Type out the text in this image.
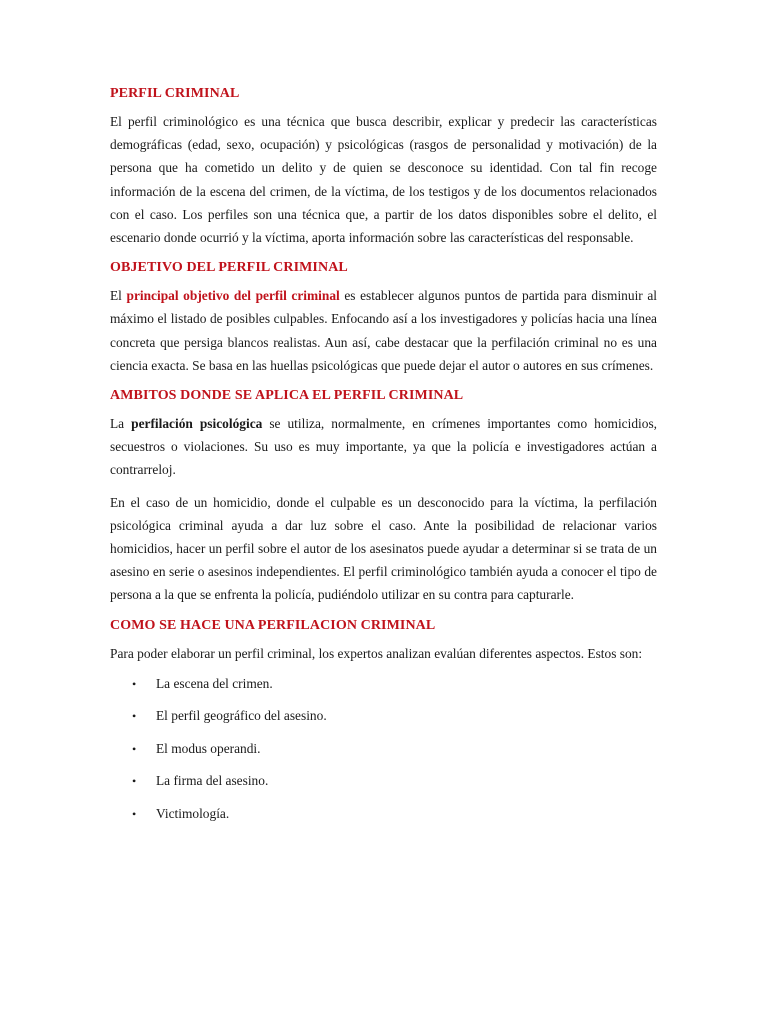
PERFIL CRIMINAL

El perfil criminológico es una técnica que busca describir, explicar y predecir las características demográficas (edad, sexo, ocupación) y psicológicas (rasgos de personalidad y motivación) de la persona que ha cometido un delito y de quien se desconoce su identidad. Con tal fin recoge información de la escena del crimen, de la víctima, de los testigos y de los documentos relacionados con el caso. Los perfiles son una técnica que, a partir de los datos disponibles sobre el delito, el escenario donde ocurrió y la víctima, aporta información sobre las características del responsable.

OBJETIVO DEL PERFIL CRIMINAL

El principal objetivo del perfil criminal es establecer algunos puntos de partida para disminuir al máximo el listado de posibles culpables. Enfocando así a los investigadores y policías hacia una línea concreta que persiga blancos realistas. Aun así, cabe destacar que la perfilación criminal no es una ciencia exacta. Se basa en las huellas psicológicas que puede dejar el autor o autores en sus crímenes.

AMBITOS DONDE SE APLICA EL PERFIL CRIMINAL

La perfilación psicológica se utiliza, normalmente, en crímenes importantes como homicidios, secuestros o violaciones. Su uso es muy importante, ya que la policía e investigadores actúan a contrarreloj.

En el caso de un homicidio, donde el culpable es un desconocido para la víctima, la perfilación psicológica criminal ayuda a dar luz sobre el caso. Ante la posibilidad de relacionar varios homicidios, hacer un perfil sobre el autor de los asesinatos puede ayudar a determinar si se trata de un asesino en serie o asesinos independientes. El perfil criminológico también ayuda a conocer el tipo de persona a la que se enfrenta la policía, pudiéndolo utilizar en su contra para capturarle.

COMO SE HACE UNA PERFILACION CRIMINAL

Para poder elaborar un perfil criminal, los expertos analizan evalúan diferentes aspectos. Estos son:

• La escena del crimen.
• El perfil geográfico del asesino.
• El modus operandi.
• La firma del asesino.
• Victimología.
